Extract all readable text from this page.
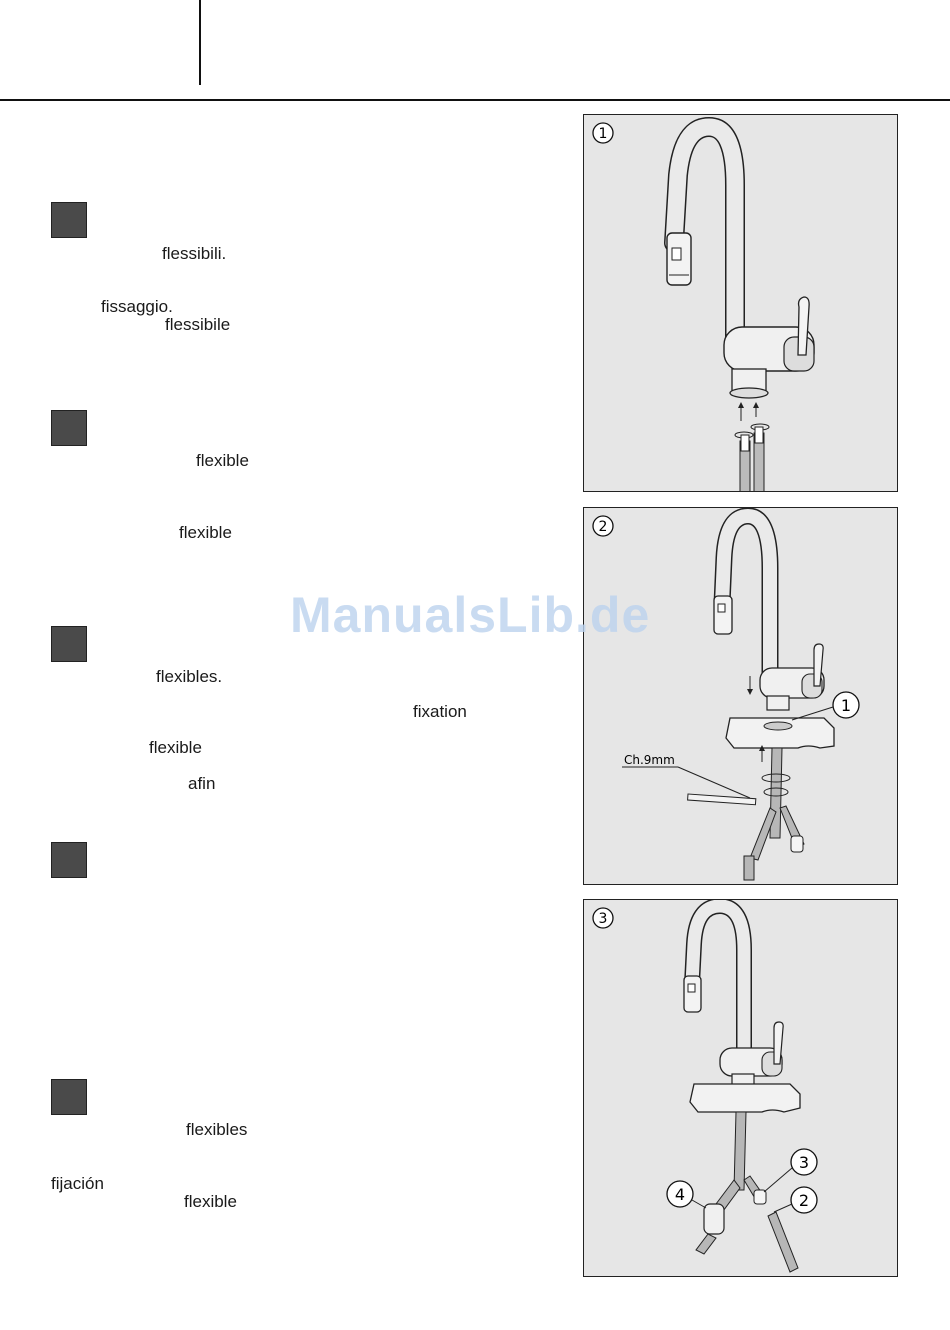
flessibili.
fissaggio.
flessibile
flexible
flexible
flexibles.
fixation
flexible
afin
flexibles
fijación
flexible
1
2
Ch.9mm
1
3
3
2
4
ManualsLib.de
